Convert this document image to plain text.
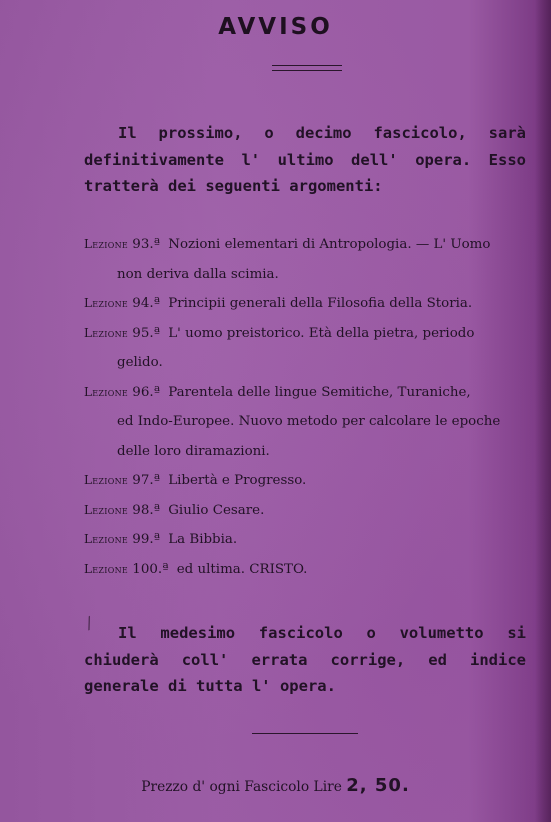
AVVISO

Il prossimo, o decimo fascicolo, sarà definitivamente l' ultimo dell' opera. Esso tratterà dei seguenti argomenti:

Lezione 93.ª Nozioni elementari di Antropologia. — L' Uomo
non deriva dalla scimia.
Lezione 94.ª Principii generali della Filosofia della Storia.
Lezione 95.ª L' uomo preistorico. Età della pietra, periodo
gelido.
Lezione 96.ª Parentela delle lingue Semitiche, Turaniche,
ed Indo-Europee. Nuovo metodo per calcolare le epoche
delle loro diramazioni.
Lezione 97.ª Libertà e Progresso.
Lezione 98.ª Giulio Cesare.
Lezione 99.ª La Bibbia.
Lezione 100.ª ed ultima. CRISTO.
⁄

Il medesimo fascicolo o volumetto si chiuderà coll' errata corrige, ed indice generale di tutta l' opera.

Prezzo d' ogni Fascicolo Lire 2, 50.
